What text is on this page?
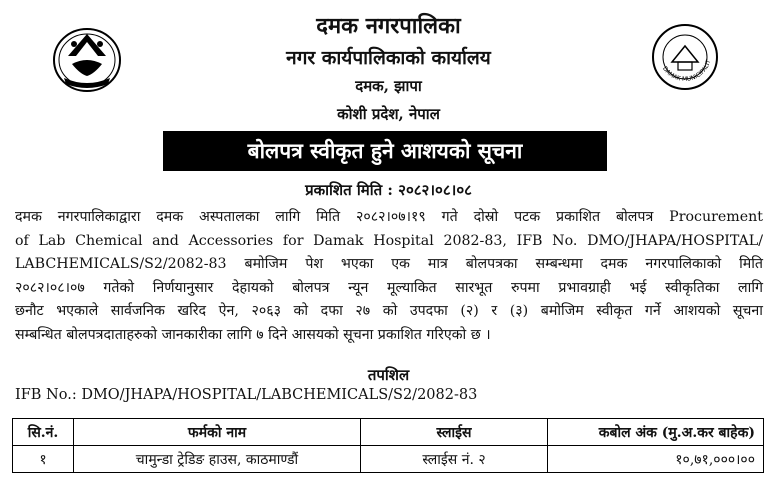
DAMAK MUNICIPALIT
दमक नगरपालिका
नगर कार्यपालिकाको कार्यालय
दमक, झापा
कोशी प्रदेश, नेपाल
बोलपत्र स्वीकृत हुने आशयको सूचना
प्रकाशित मिति : २०८२।०८।०८
दमक नगरपालिकाद्वारा दमक अस्पतालका लागि मिति २०८२।०७।१९ गते दोस्रो पटक प्रकाशित बोलपत्र Procurement
of Lab Chemical and Accessories for Damak Hospital 2082-83, IFB No. DMO/JHAPA/HOSPITAL/
LABCHEMICALS/S2/2082-83 बमोजिम पेश भएका एक मात्र बोलपत्रका सम्बन्धमा दमक नगरपालिकाको मिति
२०८२।०८।०७ गतेको निर्णयानुसार देहायको बोलपत्र न्यून मूल्याकित सारभूत रुपमा प्रभावग्राही भई स्वीकृतिका लागि
छनौट भएकाले सार्वजनिक खरिद ऐन, २०६३ को दफा २७ को उपदफा (२) र (३) बमोजिम स्वीकृत गर्ने आशयको सूचना
सम्बन्धित बोलपत्रदाताहरुको जानकारीका लागि ७ दिने आसयको सूचना प्रकाशित गरिएको छ ।
तपशिल
IFB No.: DMO/JHAPA/HOSPITAL/LABCHEMICALS/S2/2082-83
सि.नं.	फर्मको नाम	स्लाईस	कबोल अंक (मु.अ.कर बाहेक)
१	चामुन्डा ट्रेडिङ हाउस, काठमाण्डौं	स्लाईस नं. २	१०,७१,०००।००
